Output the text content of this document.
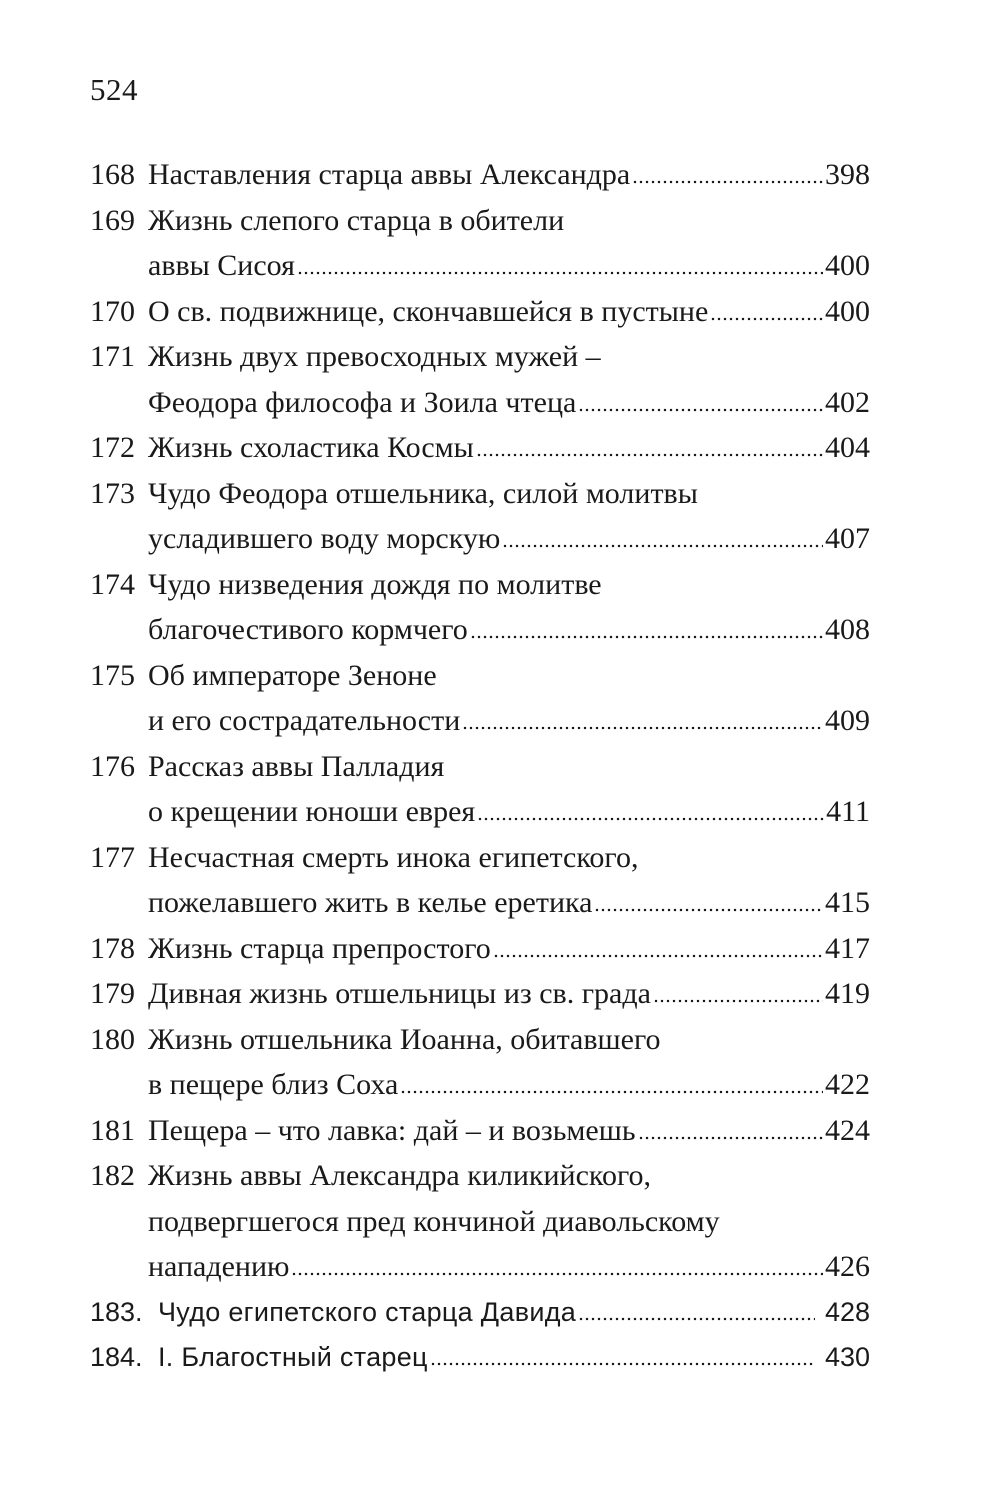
524
168 Наставления старца аввы Александра	398
169 Жизнь слепого старца в обители
аввы Сисоя	400
170 О св. подвижнице, скончавшейся в пустыне	400
171 Жизнь двух превосходных мужей –
Феодора философа и Зоила чтеца	402
172 Жизнь схоластика Космы	404
173 Чудо Феодора отшельника, силой молитвы
усладившего воду морскую	407
174 Чудо низведения дождя по молитве
благочестивого кормчего	408
175 Об императоре Зеноне
и его сострадательности	409
176 Рассказ аввы Палладия
о крещении юноши еврея	411
177 Несчастная смерть инока египетского,
пожелавшего жить в келье еретика	415
178 Жизнь старца препростого	417
179 Дивная жизнь отшельницы из св. града	419
180 Жизнь отшельника Иоанна, обитавшего
в пещере близ Соха	422
181 Пещера – что лавка: дай – и возьмешь	424
182 Жизнь аввы Александра киликийского,
подвергшегося пред кончиной диавольскому
нападению	426
183. Чудо египетского старца Давида	428
184. I. Благостный старец	430
